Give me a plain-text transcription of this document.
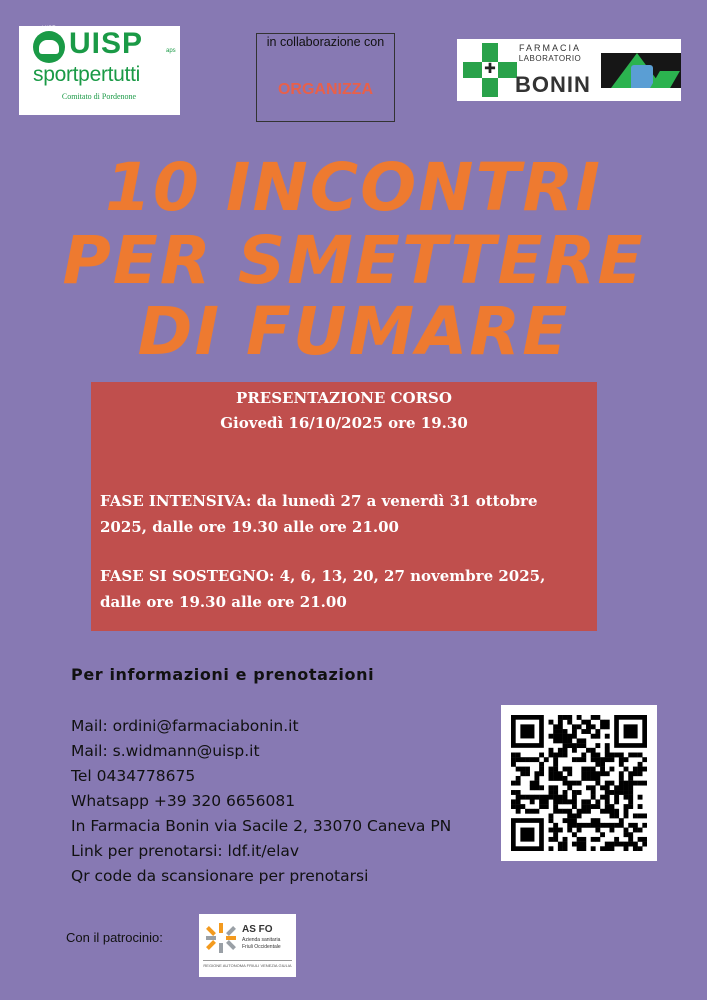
UISP UISP	aps
sportpertutti
Comitato di Pordenone
in collaborazione con
ORGANIZZA
✚
FARMACIA
LABORATORIO
BONIN
10 INCONTRI
PER SMETTERE
DI FUMARE
PRESENTAZIONE CORSO
Giovedì 16/10/2025 ore 19.30
FASE INTENSIVA: da lunedì 27 a venerdì 31 ottobre 2025, dalle ore 19.30 alle ore 21.00
FASE SI SOSTEGNO: 4, 6, 13, 20, 27 novembre 2025, dalle ore 19.30 alle ore 21.00
Per informazioni e prenotazioni
Mail: ordini@farmaciabonin.it
Mail: s.widmann@uisp.it
Tel 0434778675
Whatsapp +39 320 6656081
In Farmacia Bonin via Sacile 2, 33070 Caneva PN
Link per prenotarsi: ldf.it/elav
Qr code da scansionare per prenotarsi
Con il patrocinio:
AS FO
Azienda sanitaria
Friuli Occidentale
REGIONE AUTONOMA FRIULI VENEZIA GIULIA
